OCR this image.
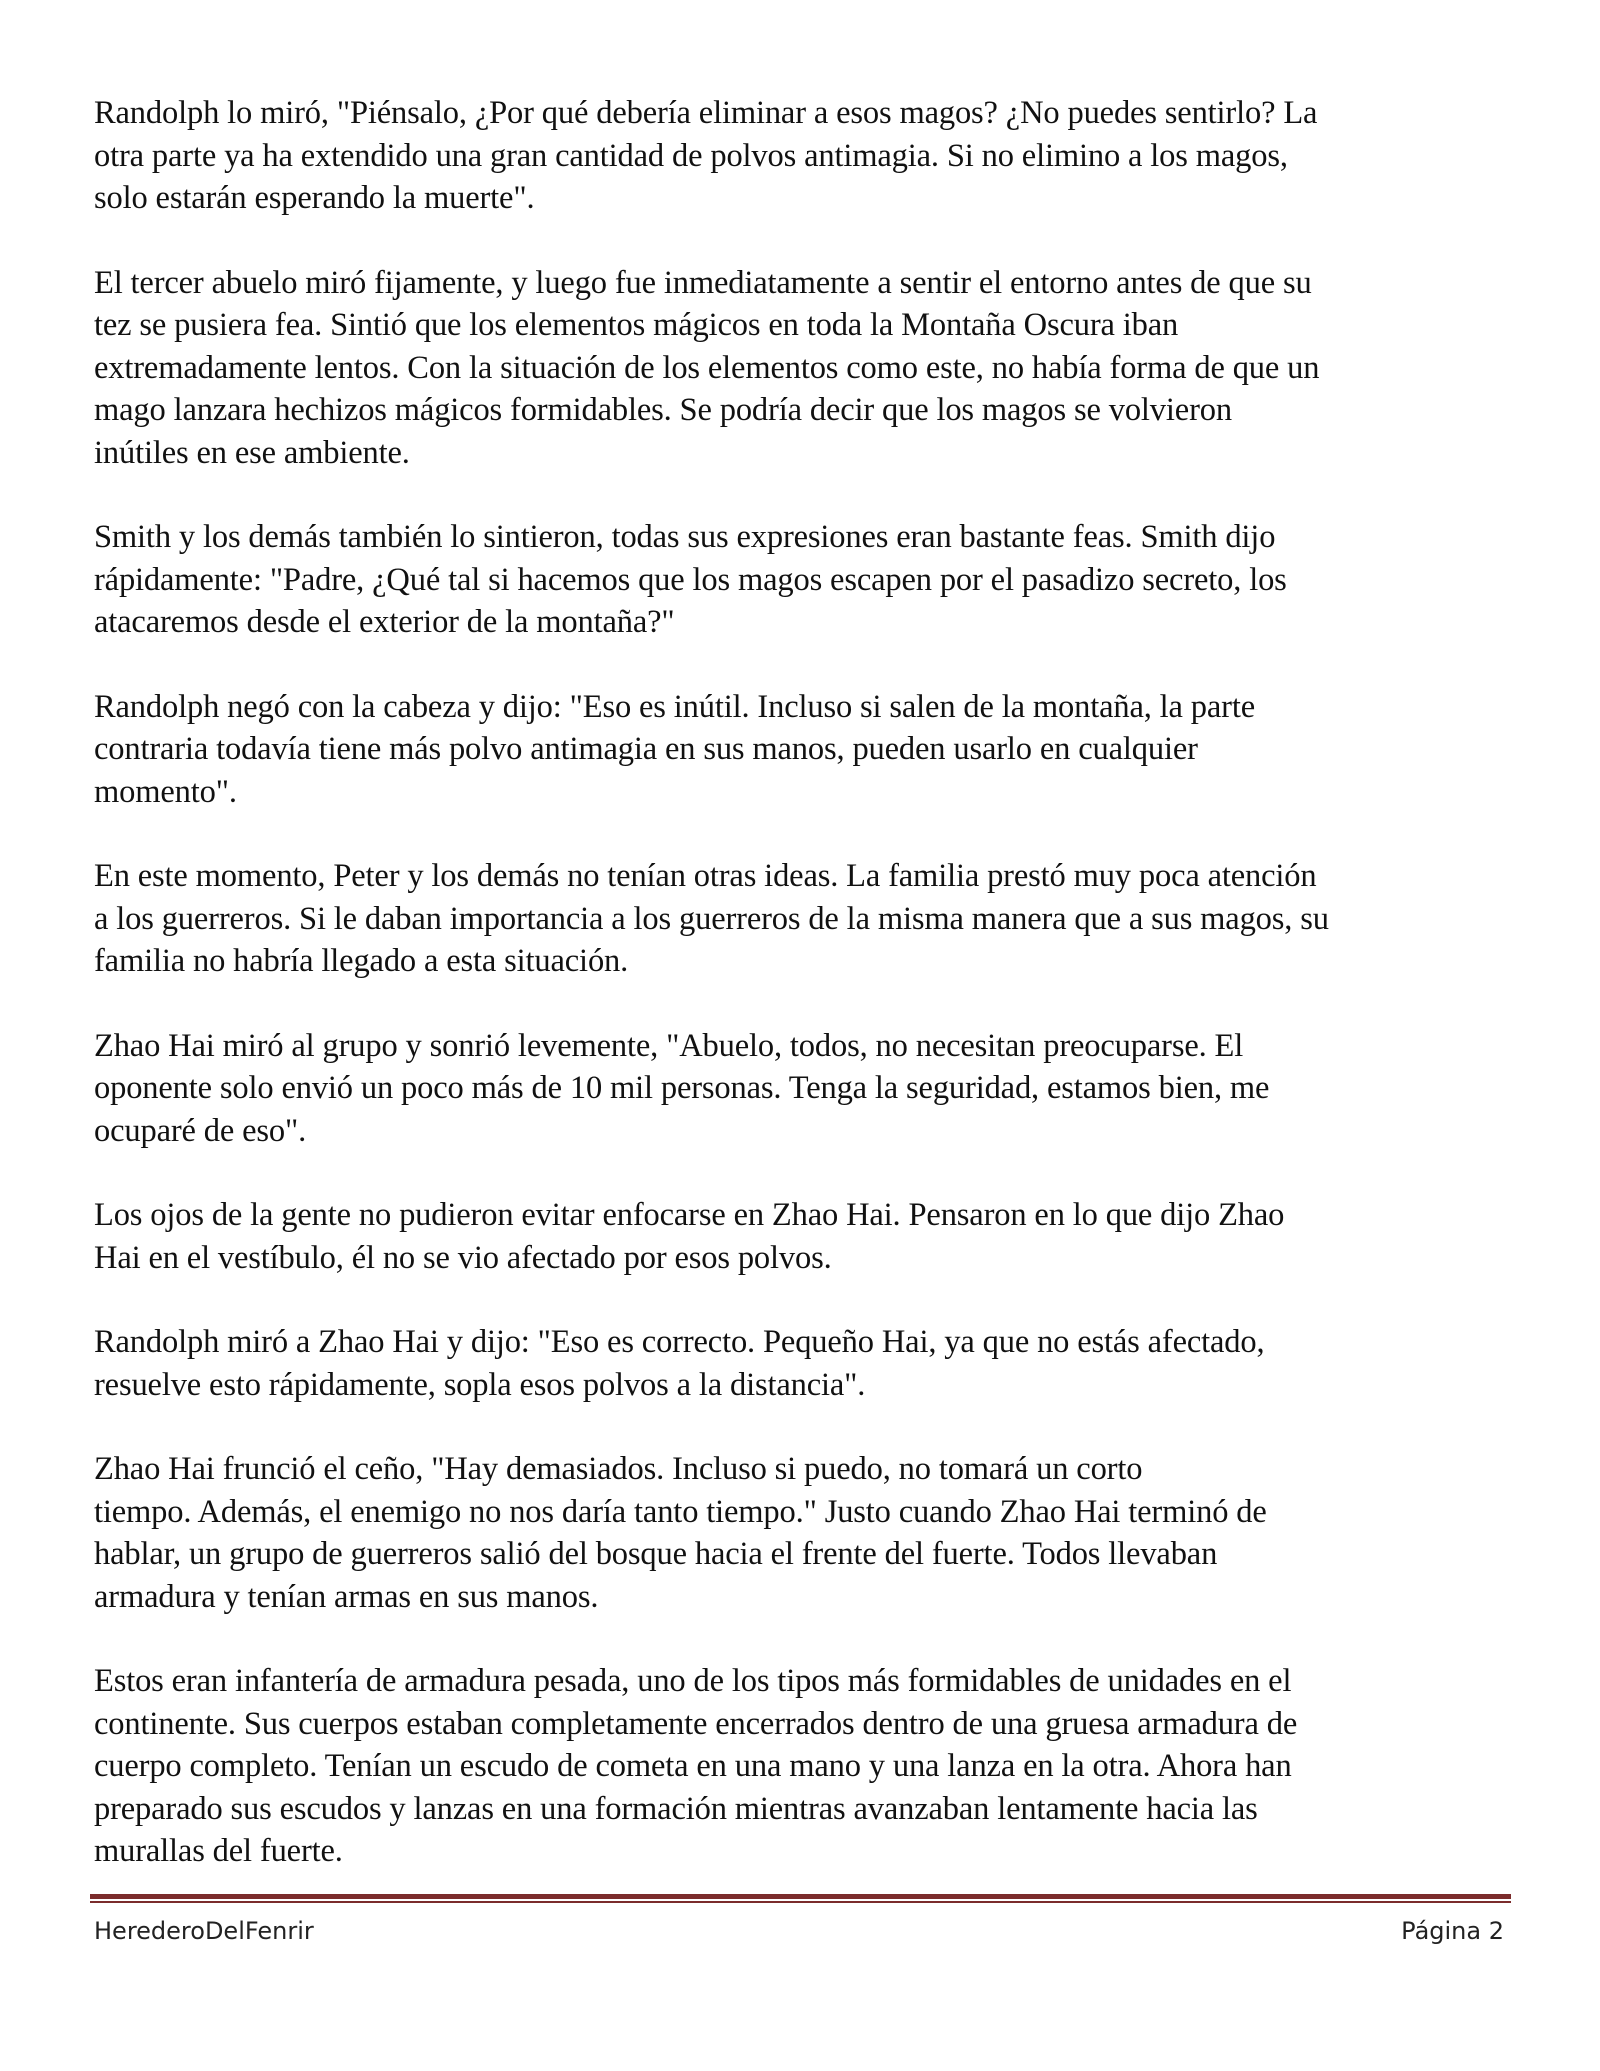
Randolph lo miró, "Piénsalo, ¿Por qué debería eliminar a esos magos? ¿No puedes sentirlo? La
otra parte ya ha extendido una gran cantidad de polvos antimagia. Si no elimino a los magos,
solo estarán esperando la muerte".

El tercer abuelo miró fijamente, y luego fue inmediatamente a sentir el entorno antes de que su
tez se pusiera fea. Sintió que los elementos mágicos en toda la Montaña Oscura iban
extremadamente lentos. Con la situación de los elementos como este, no había forma de que un
mago lanzara hechizos mágicos formidables. Se podría decir que los magos se volvieron
inútiles en ese ambiente.

Smith y los demás también lo sintieron, todas sus expresiones eran bastante feas. Smith dijo
rápidamente: "Padre, ¿Qué tal si hacemos que los magos escapen por el pasadizo secreto, los
atacaremos desde el exterior de la montaña?"

Randolph negó con la cabeza y dijo: "Eso es inútil. Incluso si salen de la montaña, la parte
contraria todavía tiene más polvo antimagia en sus manos, pueden usarlo en cualquier
momento".

En este momento, Peter y los demás no tenían otras ideas. La familia prestó muy poca atención
a los guerreros. Si le daban importancia a los guerreros de la misma manera que a sus magos, su
familia no habría llegado a esta situación.

Zhao Hai miró al grupo y sonrió levemente, "Abuelo, todos, no necesitan preocuparse. El
oponente solo envió un poco más de 10 mil personas. Tenga la seguridad, estamos bien, me
ocuparé de eso".

Los ojos de la gente no pudieron evitar enfocarse en Zhao Hai. Pensaron en lo que dijo Zhao
Hai en el vestíbulo, él no se vio afectado por esos polvos.

Randolph miró a Zhao Hai y dijo: "Eso es correcto. Pequeño Hai, ya que no estás afectado,
resuelve esto rápidamente, sopla esos polvos a la distancia".

Zhao Hai frunció el ceño, "Hay demasiados. Incluso si puedo, no tomará un corto
tiempo. Además, el enemigo no nos daría tanto tiempo." Justo cuando Zhao Hai terminó de
hablar, un grupo de guerreros salió del bosque hacia el frente del fuerte. Todos llevaban
armadura y tenían armas en sus manos.

Estos eran infantería de armadura pesada, uno de los tipos más formidables de unidades en el
continente. Sus cuerpos estaban completamente encerrados dentro de una gruesa armadura de
cuerpo completo. Tenían un escudo de cometa en una mano y una lanza en la otra. Ahora han
preparado sus escudos y lanzas en una formación mientras avanzaban lentamente hacia las
murallas del fuerte.

HerederoDelFenrir	Página 2
